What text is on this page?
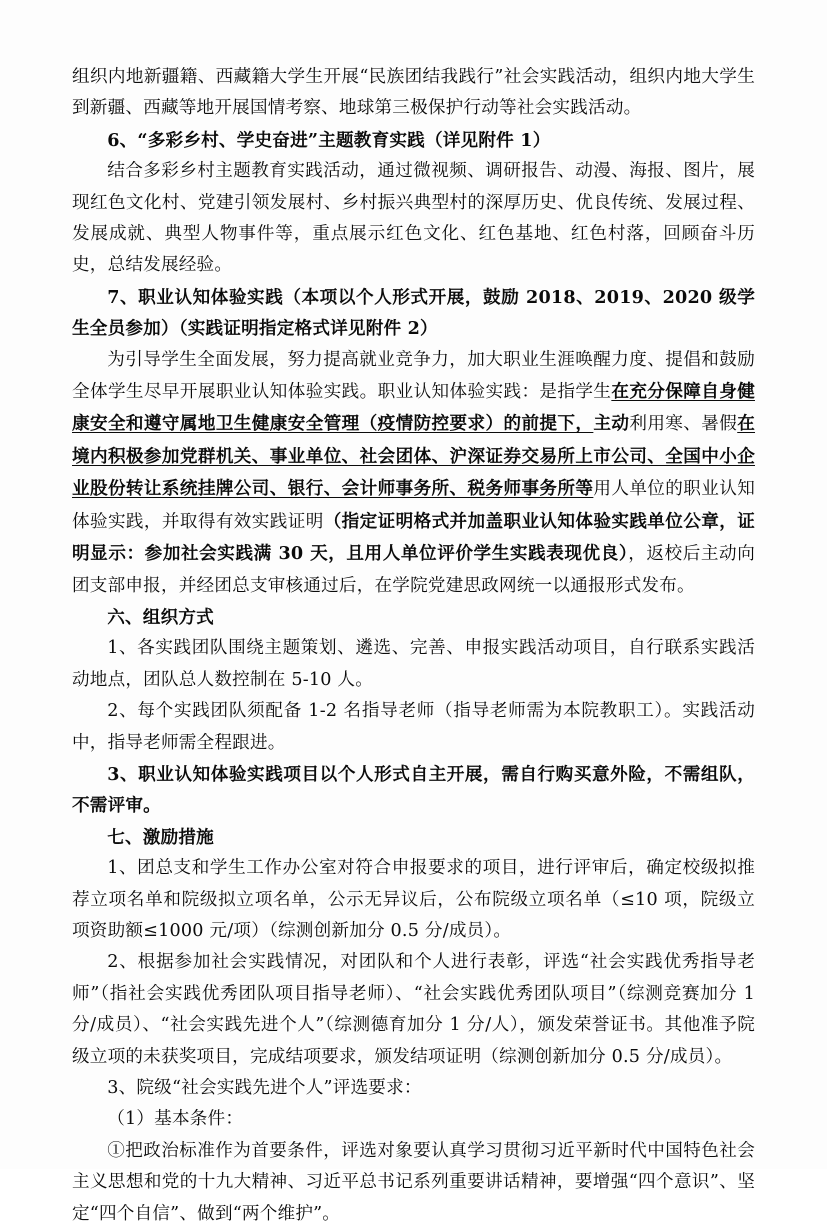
组织内地新疆籍、西藏籍大学生开展“民族团结我践行”社会实践活动，组织内地大学生到新疆、西藏等地开展国情考察、地球第三极保护行动等社会实践活动。

6、“多彩乡村、学史奋进”主题教育实践（详见附件 1）

结合多彩乡村主题教育实践活动，通过微视频、调研报告、动漫、海报、图片，展现红色文化村、党建引领发展村、乡村振兴典型村的深厚历史、优良传统、发展过程、发展成就、典型人物事件等，重点展示红色文化、红色基地、红色村落，回顾奋斗历史，总结发展经验。

7、职业认知体验实践（本项以个人形式开展，鼓励 2018、2019、2020 级学生全员参加）（实践证明指定格式详见附件 2）

为引导学生全面发展，努力提高就业竞争力，加大职业生涯唤醒力度、提倡和鼓励全体学生尽早开展职业认知体验实践。职业认知体验实践：是指学生在充分保障自身健康安全和遵守属地卫生健康安全管理（疫情防控要求）的前提下，主动利用寒、暑假在境内积极参加党群机关、事业单位、社会团体、沪深证券交易所上市公司、全国中小企业股份转让系统挂牌公司、银行、会计师事务所、税务师事务所等用人单位的职业认知体验实践，并取得有效实践证明（指定证明格式并加盖职业认知体验实践单位公章，证明显示：参加社会实践满 30 天，且用人单位评价学生实践表现优良），返校后主动向团支部申报，并经团总支审核通过后，在学院党建思政网统一以通报形式发布。

六、组织方式

1、各实践团队围绕主题策划、遴选、完善、申报实践活动项目，自行联系实践活动地点，团队总人数控制在 5-10 人。

2、每个实践团队须配备 1-2 名指导老师（指导老师需为本院教职工）。实践活动中，指导老师需全程跟进。

3、职业认知体验实践项目以个人形式自主开展，需自行购买意外险，不需组队，不需评审。

七、激励措施

1、团总支和学生工作办公室对符合申报要求的项目，进行评审后，确定校级拟推荐立项名单和院级拟立项名单，公示无异议后，公布院级立项名单（≤10 项，院级立项资助额≤1000 元/项）（综测创新加分 0.5 分/成员）。

2、根据参加社会实践情况，对团队和个人进行表彰，评选“社会实践优秀指导老师”（指社会实践优秀团队项目指导老师）、“社会实践优秀团队项目”（综测竞赛加分 1 分/成员）、“社会实践先进个人”（综测德育加分 1 分/人），颁发荣誉证书。其他准予院级立项的未获奖项目，完成结项要求，颁发结项证明（综测创新加分 0.5 分/成员）。

3、院级“社会实践先进个人”评选要求：

（1）基本条件：

①把政治标准作为首要条件，评选对象要认真学习贯彻习近平新时代中国特色社会主义思想和党的十九大精神、习近平总书记系列重要讲话精神，要增强“四个意识”、坚定“四个自信”、做到“两个维护”。
